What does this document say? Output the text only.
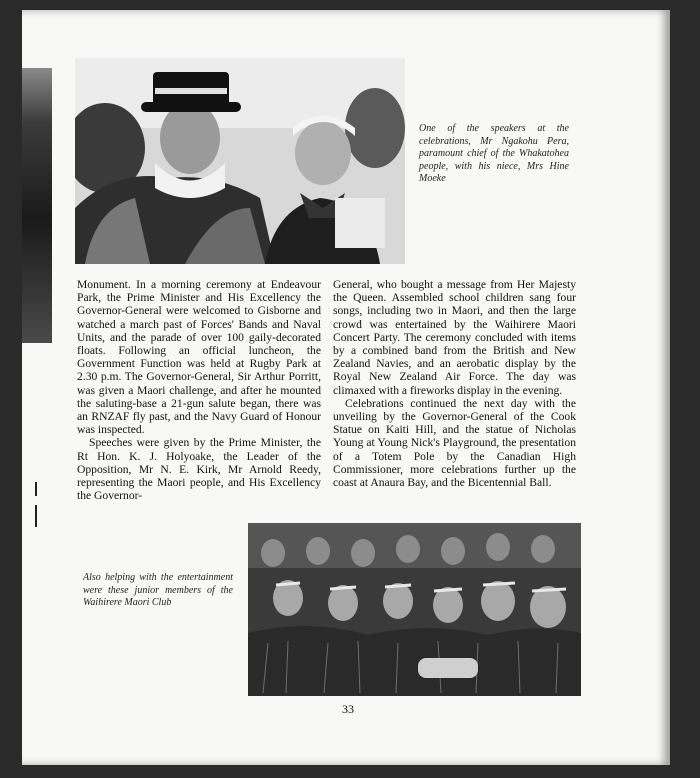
One of the speakers at the celebrations, Mr Ngakohu Pera, paramount chief of the Whakatohea people, with his niece, Mrs Hine Moeke

Monument. In a morning ceremony at Endeavour Park, the Prime Minister and His Excellency the Governor-General were welcomed to Gisborne and watched a march past of Forces' Bands and Naval Units, and the parade of over 100 gaily-decorated floats. Following an official luncheon, the Government Function was held at Rugby Park at 2.30 p.m. The Governor-General, Sir Arthur Porritt, was given a Maori challenge, and after he mounted the saluting-base a 21-gun salute began, there was an RNZAF fly past, and the Navy Guard of Honour was inspected.

Speeches were given by the Prime Minister, the Rt Hon. K. J. Holyoake, the Leader of the Opposition, Mr N. E. Kirk, Mr Arnold Reedy, representing the Maori people, and His Excellency the Governor-

General, who bought a message from Her Majesty the Queen. Assembled school children sang four songs, including two in Maori, and then the large crowd was entertained by the Waihirere Maori Concert Party. The ceremony concluded with items by a combined band from the British and New Zealand Navies, and an aerobatic display by the Royal New Zealand Air Force. The day was climaxed with a fireworks display in the evening.

Celebrations continued the next day with the unveiling by the Governor-General of the Cook Statue on Kaiti Hill, and the statue of Nicholas Young at Young Nick's Playground, the presentation of a Totem Pole by the Canadian High Commissioner, more celebrations further up the coast at Anaura Bay, and the Bicentennial Ball.

Also helping with the entertainment were these junior members of the Waihirere Maori Club
33
